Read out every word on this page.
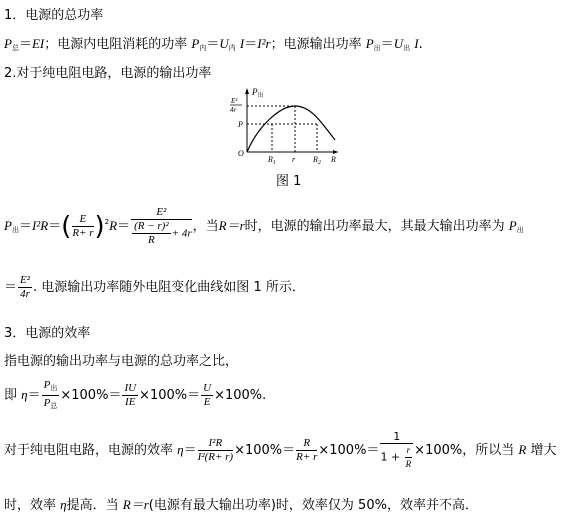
1．电源的总功率
$P_总=EI$；电源内电阻消耗的功率 $P_内=U_内$ I＝I²r；电源输出功率 $P_出=U_出$ I.
2.对于纯电阻电路，电源的输出功率
$P_出$
E²
4r
P
O
$R_1$ r $R_2$ R
图 1
$P_出=I^2R=( \frac{E}{R+ r} )^2R= \frac{\text{E²}}{\frac{\text{(R − r)²}}{R} + 4r}$ ，当R＝r时，电源的输出功率最大，其最大输出功率为 $P_出$
＝ $\frac{\text{E²}}{4r}$ . 电源输出功率随外电阻变化曲线如图 1 所示．
3．电源的效率
指电源的输出功率与电源的总功率之比，
即 η＝
$P_出$
$P_总$
$\times 100\%= \frac{IU}{IE} \times 100\%= \frac{U}{E} \times 100\%$.
对于纯电阻电路，电源的效率 $\eta= \frac{\text{I²R}}{\text{I²(R+ r)}} \times 100\%= \frac{R}{R+ r} \times 100\%= \frac{1}{1 + \frac{r}{R}} \times 100\%$，所以当 R 增大
时，效率 η提高．当 R＝r(电源有最大输出功率)时，效率仅为 50%，效率并不高．
